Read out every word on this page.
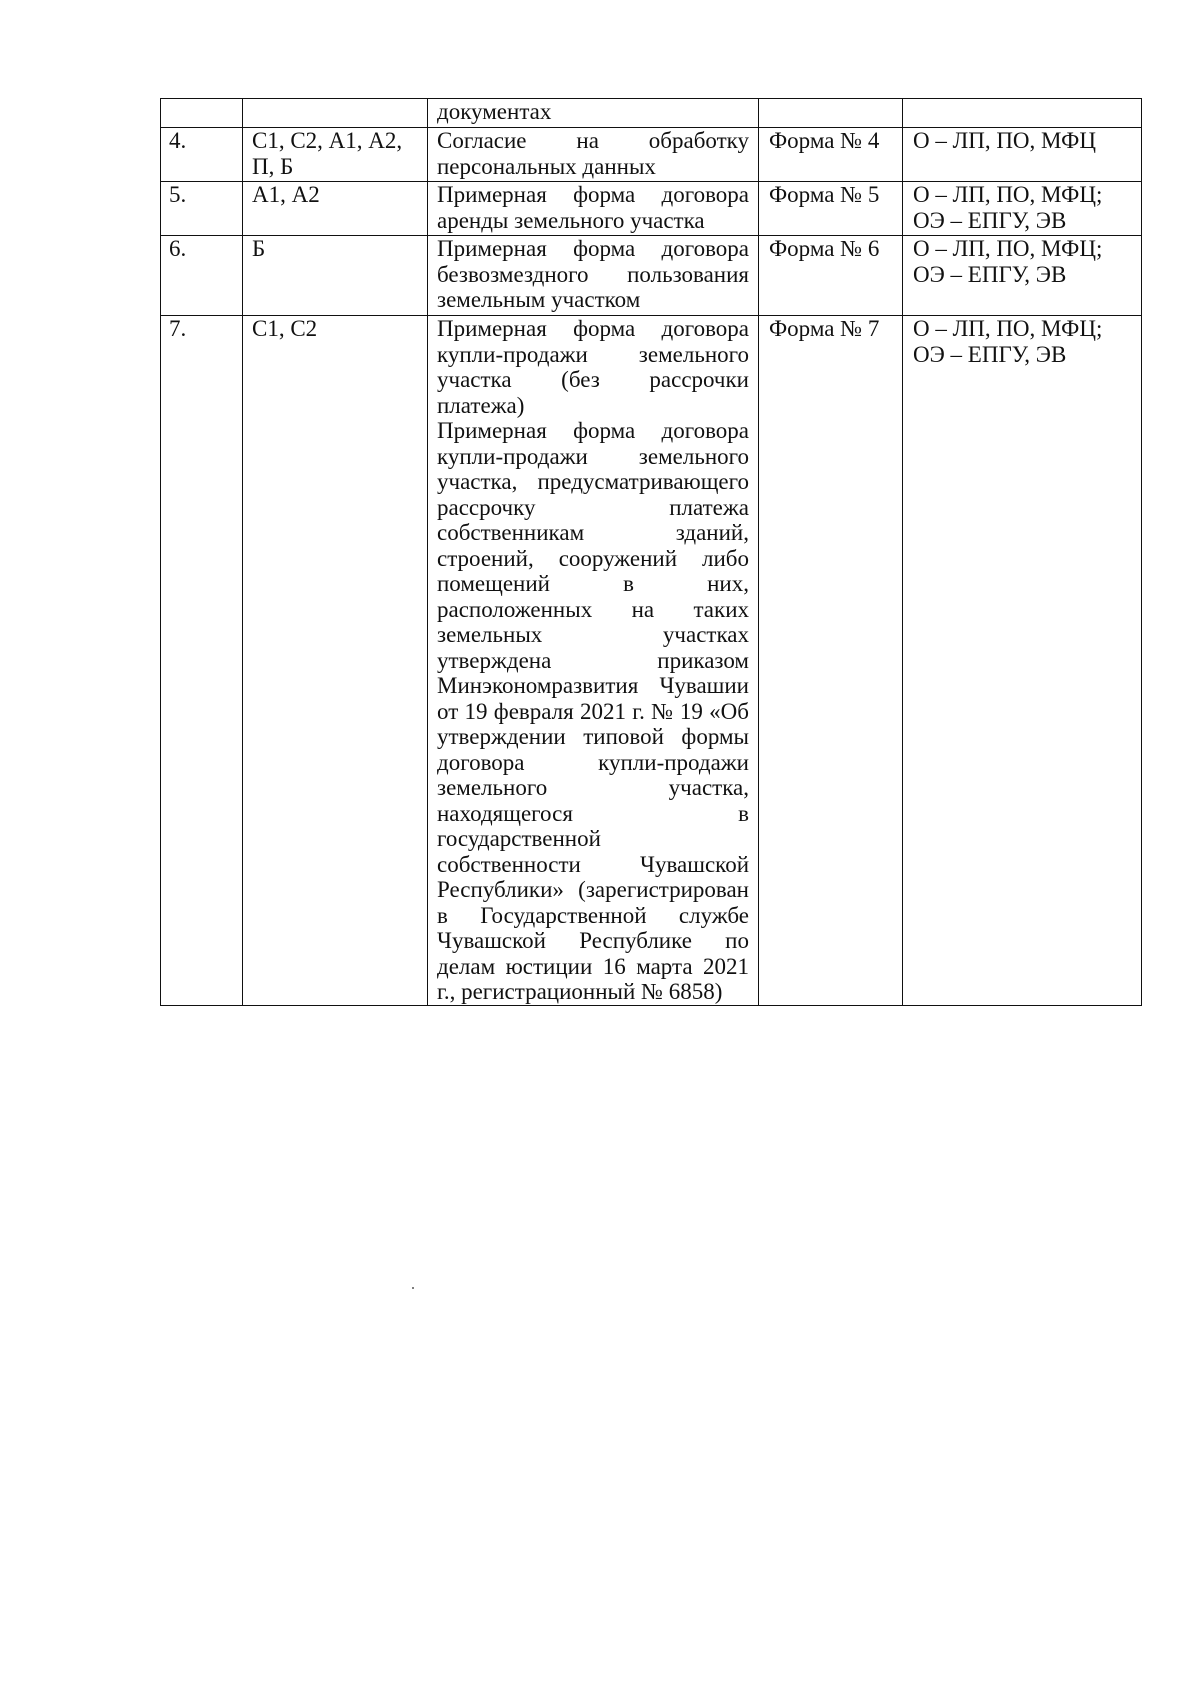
		документах		

4.	С1, С2, А1, А2, П, Б	Согласие на обработку персональных данных	Форма № 4	О – ЛП, ПО, МФЦ
5.	А1, А2	Примерная форма договора аренды земельного участка	Форма № 5	О – ЛП, ПО, МФЦ; ОЭ – ЕПГУ, ЭВ
6.	Б	Примерная форма договора безвозмездного пользования земельным участком	Форма № 6	О – ЛП, ПО, МФЦ; ОЭ – ЕПГУ, ЭВ
7.	С1, С2	Примерная форма договора купли-продажи земельного участка (без рассрочки платежа)
Примерная форма договора купли-продажи земельного участка, предусматривающего рассрочку платежа собственникам зданий, строений, сооружений либо помещений в них, расположенных на таких земельных участках утверждена приказом Минэкономразвития Чувашии от 19 февраля 2021 г. № 19 «Об утверждении типовой формы договора купли-продажи земельного участка, находящегося в государственной собственности Чувашской Республики» (зарегистрирован в Государственной службе Чувашской Республике по делам юстиции 16 марта 2021 г., регистрационный № 6858)	Форма № 7	О – ЛП, ПО, МФЦ; ОЭ – ЕПГУ, ЭВ
